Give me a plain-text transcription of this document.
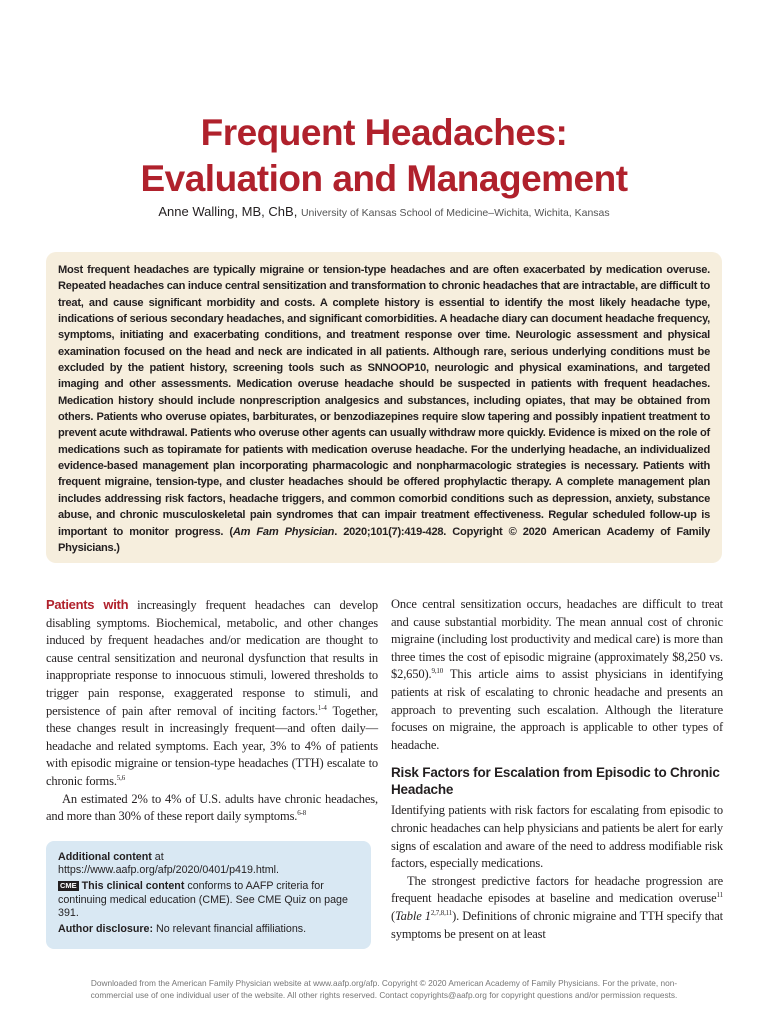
Frequent Headaches:
Evaluation and Management
Anne Walling, MB, ChB, University of Kansas School of Medicine–Wichita, Wichita, Kansas
Most frequent headaches are typically migraine or tension-type headaches and are often exacerbated by medication overuse. Repeated headaches can induce central sensitization and transformation to chronic headaches that are intractable, are difficult to treat, and cause significant morbidity and costs. A complete history is essential to identify the most likely headache type, indications of serious secondary headaches, and significant comorbidities. A headache diary can document headache frequency, symptoms, initiating and exacerbating conditions, and treatment response over time. Neurologic assessment and physical examination focused on the head and neck are indicated in all patients. Although rare, serious underlying conditions must be excluded by the patient history, screening tools such as SNNOOP10, neurologic and physical examinations, and targeted imaging and other assessments. Medication overuse headache should be suspected in patients with frequent headaches. Medication history should include nonprescription analgesics and substances, including opiates, that may be obtained from others. Patients who overuse opiates, barbiturates, or benzodiazepines require slow tapering and possibly inpatient treatment to prevent acute withdrawal. Patients who overuse other agents can usually withdraw more quickly. Evidence is mixed on the role of medications such as topiramate for patients with medication overuse headache. For the underlying headache, an individualized evidence-based management plan incorporating pharmacologic and nonpharmacologic strategies is necessary. Patients with frequent migraine, tension-type, and cluster headaches should be offered prophylactic therapy. A complete management plan includes addressing risk factors, headache triggers, and common comorbid conditions such as depression, anxiety, substance abuse, and chronic musculoskeletal pain syndromes that can impair treatment effectiveness. Regular scheduled follow-up is important to monitor progress. (Am Fam Physician. 2020;101(7):419-428. Copyright © 2020 American Academy of Family Physicians.)

Patients with increasingly frequent headaches can develop disabling symptoms. Biochemical, metabolic, and other changes induced by frequent headaches and/or medication are thought to cause central sensitization and neuronal dysfunction that results in inappropriate response to innocuous stimuli, lowered thresholds to trigger pain response, exaggerated response to stimuli, and persistence of pain after removal of inciting factors.$^{1-4}$ Together, these changes result in increasingly frequent—and often daily—headache and related symptoms. Each year, 3% to 4% of patients with episodic migraine or tension-type headaches (TTH) escalate to chronic forms.$^{5,6}$

An estimated 2% to 4% of U.S. adults have chronic headaches, and more than 30% of these report daily symptoms.$^{6-8}$

Additional content at https://www.aafp.org/afp/2020/0401/p419.html.

CME This clinical content conforms to AAFP criteria for continuing medical education (CME). See CME Quiz on page 391.

Author disclosure: No relevant financial affiliations.

Once central sensitization occurs, headaches are difficult to treat and cause substantial morbidity. The mean annual cost of chronic migraine (including lost productivity and medical care) is more than three times the cost of episodic migraine (approximately $8,250 vs. $2,650).$^{9,10}$ This article aims to assist physicians in identifying patients at risk of escalating to chronic headache and presents an approach to preventing such escalation. Although the literature focuses on migraine, the approach is applicable to other types of headache.

Risk Factors for Escalation from Episodic to Chronic Headache

Identifying patients with risk factors for escalating from episodic to chronic headaches can help physicians and patients be alert for early signs of escalation and aware of the need to address modifiable risk factors, especially medications.

The strongest predictive factors for headache progression are frequent headache episodes at baseline and medication overuse$^{11}$ (Table 1$^{2,7,8,11}$). Definitions of chronic migraine and TTH specify that symptoms be present on at least

Downloaded from the American Family Physician website at www.aafp.org/afp. Copyright © 2020 American Academy of Family Physicians. For the private, non-
commercial use of one individual user of the website. All other rights reserved. Contact copyrights@aafp.org for copyright questions and/or permission requests.
